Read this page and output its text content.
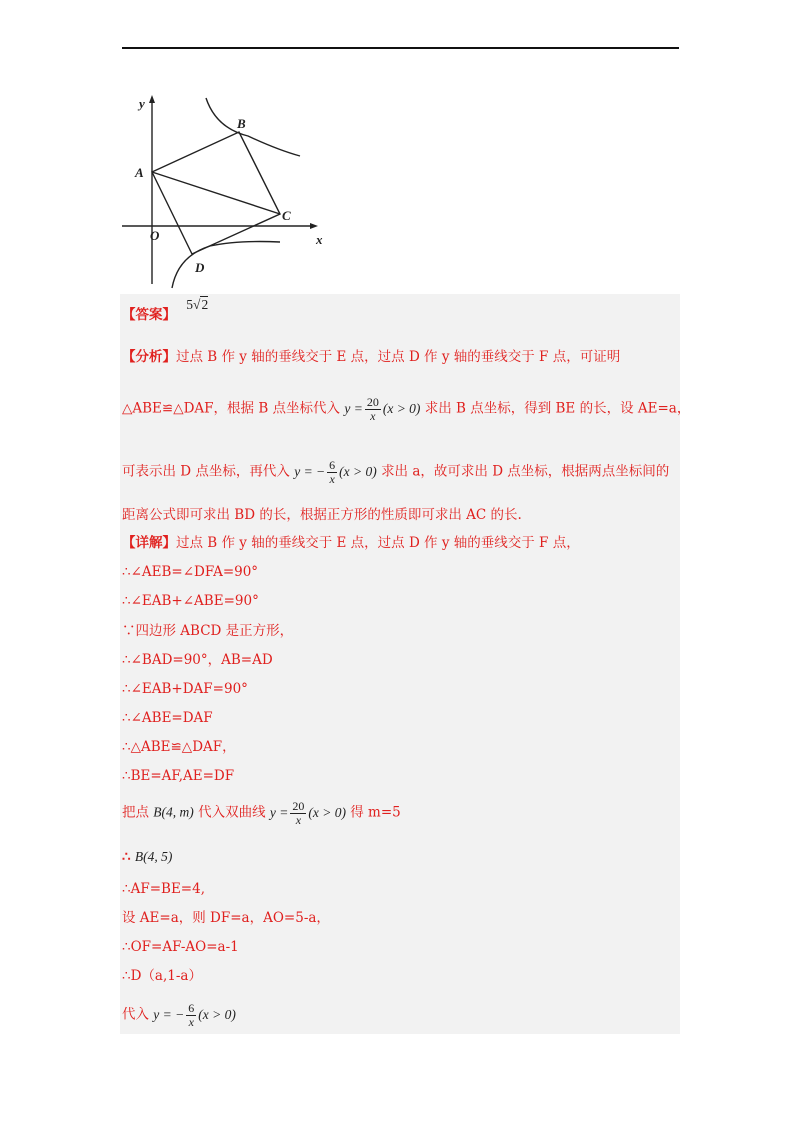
y
x
O
A
B
C
D
【答案】 5√2
【分析】过点 B 作 y 轴的垂线交于 E 点，过点 D 作 y 轴的垂线交于 F 点，可证明
△ABE≌△DAF，根据 B 点坐标代入 $y = \frac{20}{x} (x > 0)$ 求出 B 点坐标，得到 BE 的长，设 AE=a，
可表示出 D 点坐标，再代入 y = − $\frac{6}{x} (x > 0)$ 求出 a，故可求出 D 点坐标，根据两点坐标间的
距离公式即可求出 BD 的长，根据正方形的性质即可求出 AC 的长.
【详解】过点 B 作 y 轴的垂线交于 E 点，过点 D 作 y 轴的垂线交于 F 点，
∴∠AEB=∠DFA=90°
∴∠EAB+∠ABE=90°
∵四边形 ABCD 是正方形，
∴∠BAD=90°，AB=AD
∴∠EAB+DAF=90°
∴∠ABE=DAF
∴△ABE≌△DAF，
∴BE=AF,AE=DF
把点 B(4, m) 代入双曲线 $y = \frac{20}{x} (x > 0)$ 得 m=5
∴ B(4, 5)
∴AF=BE=4,
设 AE=a，则 DF=a，AO=5-a，
∴OF=AF-AO=a-1
∴D（a,1-a）
代入 y = − $\frac{6}{x} (x > 0)$
